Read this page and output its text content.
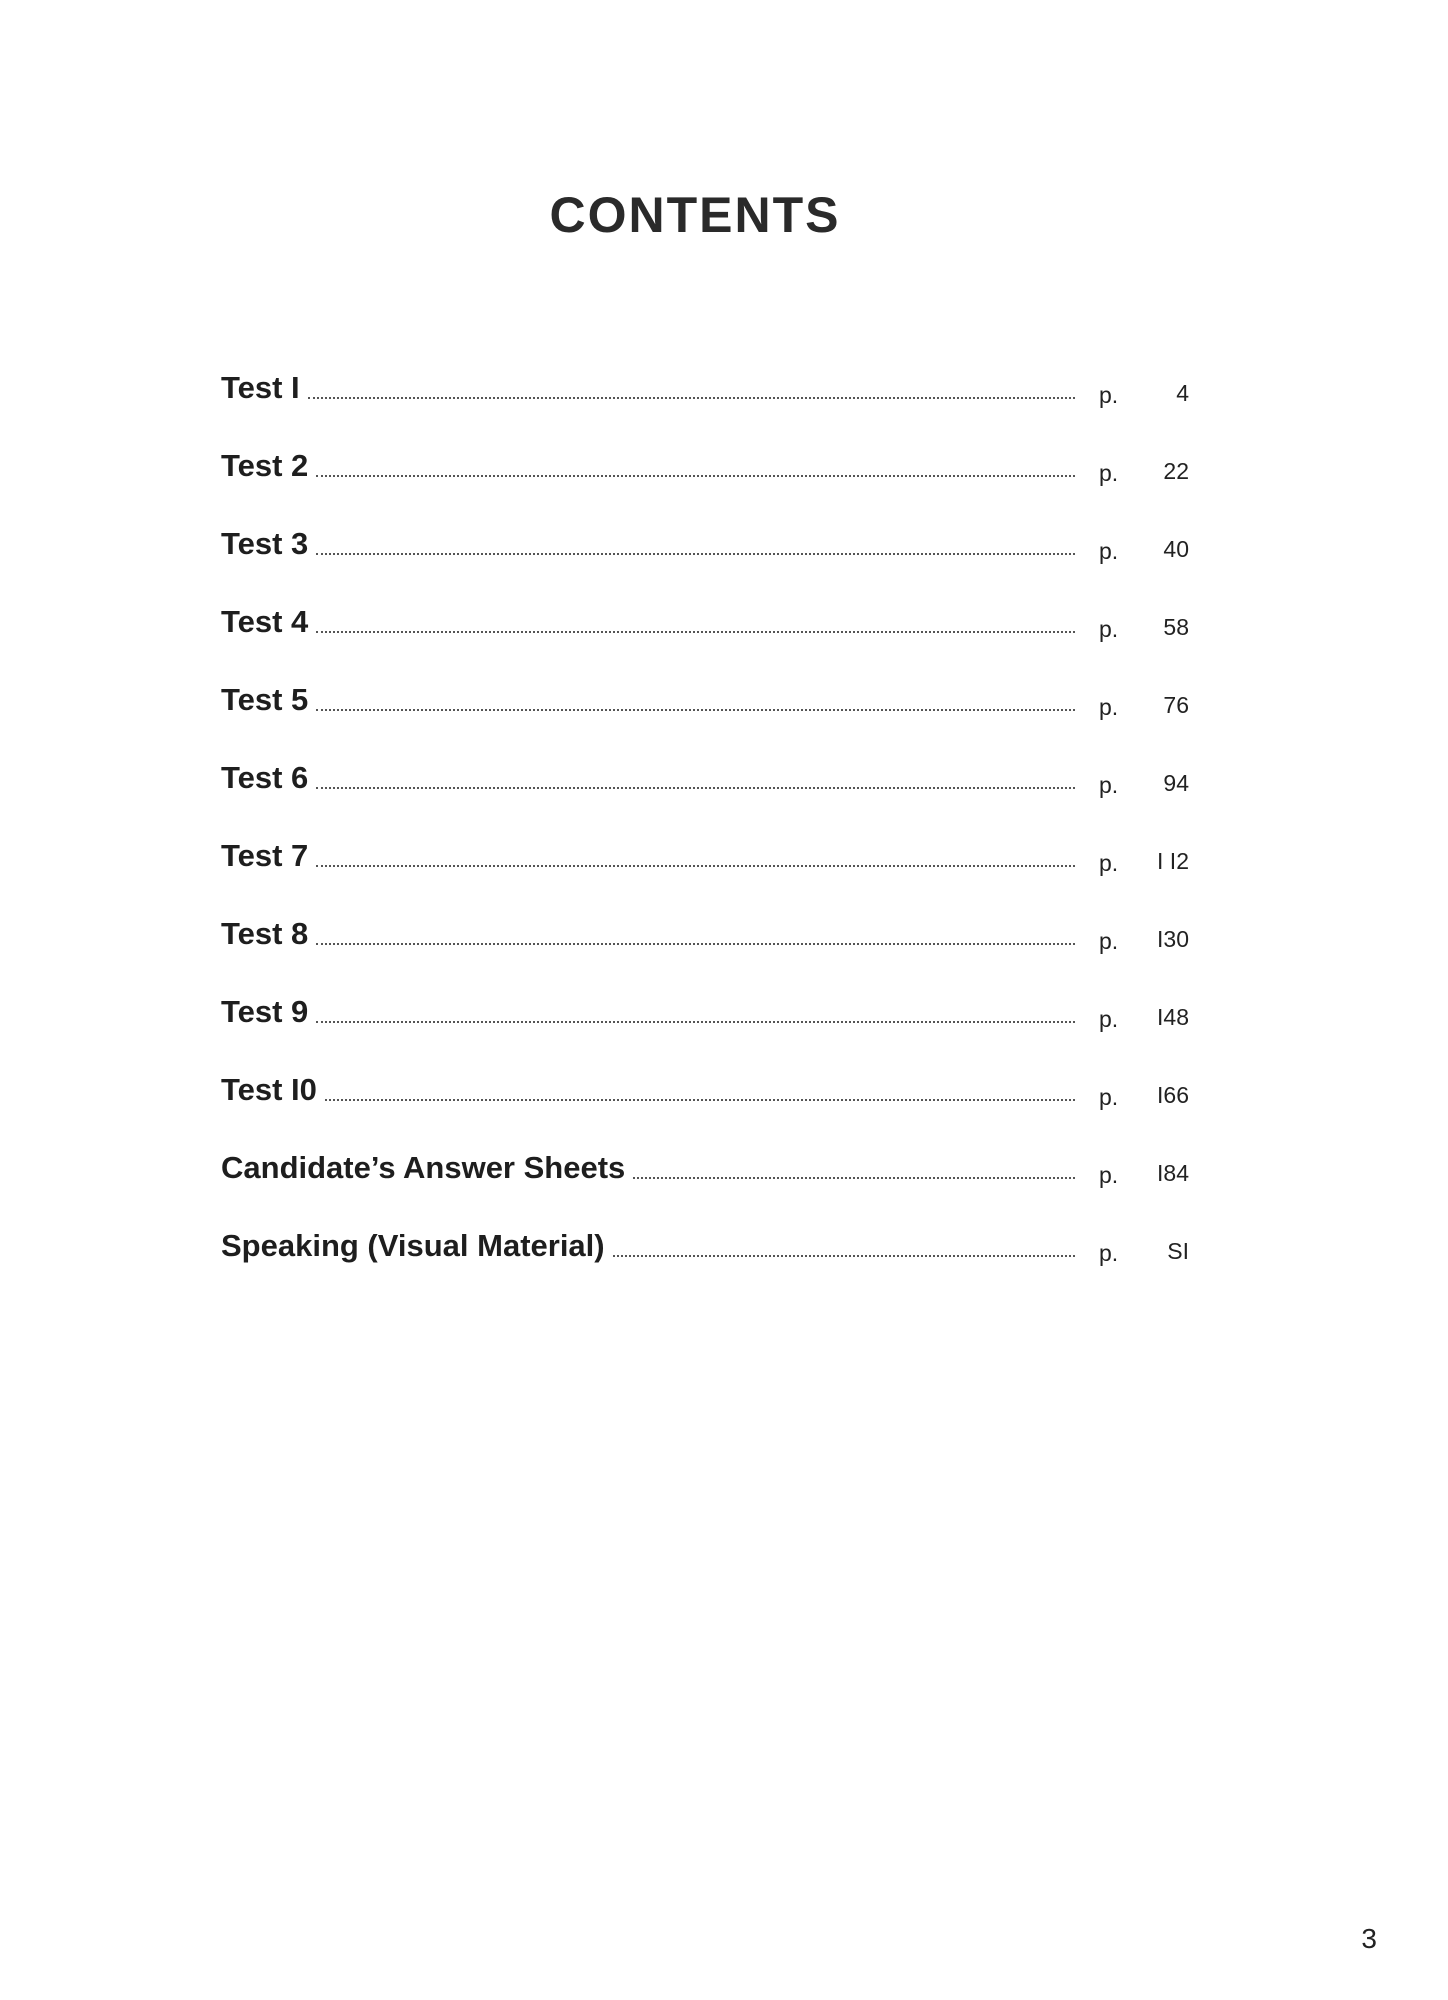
CONTENTS
Test I	p.	4
Test 2	p.	22
Test 3	p.	40
Test 4	p.	58
Test 5	p.	76
Test 6	p.	94
Test 7	p.	I I2
Test 8	p.	I30
Test 9	p.	I48
Test I0	p.	I66
Candidate’s Answer Sheets	p.	I84
Speaking (Visual Material)	p.	SI
3
